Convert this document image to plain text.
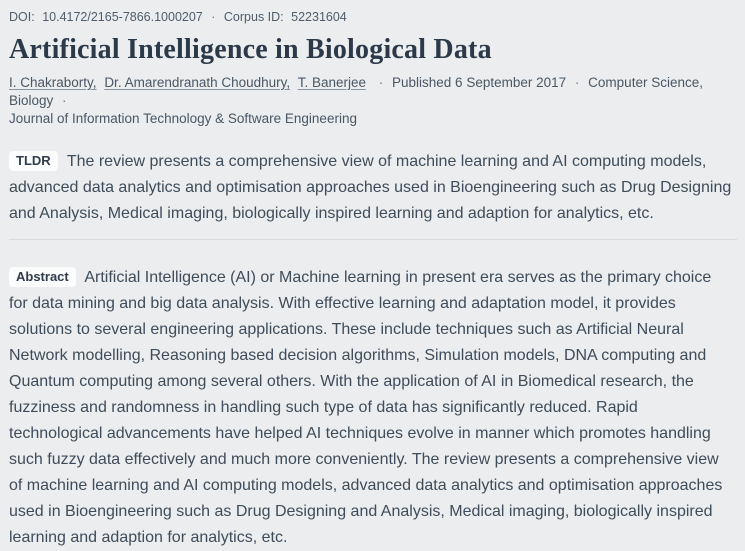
DOI: 10.4172/2165-7866.1000207 · Corpus ID: 52231604
Artificial Intelligence in Biological Data
I. Chakraborty, Dr. Amarendranath Choudhury, T. Banerjee · Published 6 September 2017 · Computer Science, Biology ·
Journal of Information Technology & Software Engineering

TLDR The review presents a comprehensive view of machine learning and AI computing models, advanced data analytics and optimisation approaches used in Bioengineering such as Drug Designing and Analysis, Medical imaging, biologically inspired learning and adaption for analytics, etc.

Abstract Artificial Intelligence (AI) or Machine learning in present era serves as the primary choice for data mining and big data analysis. With effective learning and adaptation model, it provides solutions to several engineering applications. These include techniques such as Artificial Neural Network modelling, Reasoning based decision algorithms, Simulation models, DNA computing and Quantum computing among several others. With the application of AI in Biomedical research, the fuzziness and randomness in handling such type of data has significantly reduced. Rapid technological advancements have helped AI techniques evolve in manner which promotes handling such fuzzy data effectively and much more conveniently. The review presents a comprehensive view of machine learning and AI computing models, advanced data analytics and optimisation approaches used in Bioengineering such as Drug Designing and Analysis, Medical imaging, biologically inspired learning and adaption for analytics, etc.
